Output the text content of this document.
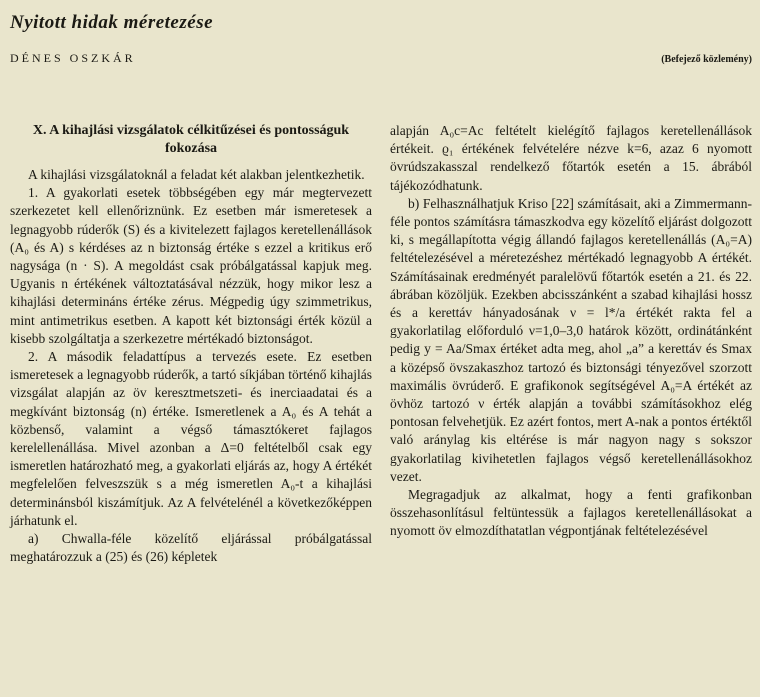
Nyitott hidak méretezése
DÉNES OSZKÁR	(Befejező közlemény)
X. A kihajlási vizsgálatok célkitűzései és pontosságuk fokozása

A kihajlási vizsgálatoknál a feladat két alakban jelentkezhetik.

1. A gyakorlati esetek többségében egy már megtervezett szerkezetet kell ellenőriznünk. Ez esetben már ismeretesek a legnagyobb rúderők (S) és a kivitelezett fajlagos keretellenállások (A₀ és A) s kérdéses az n biztonság értéke s ezzel a kritikus erő nagysága (n · S). A megoldást csak próbálgatással kapjuk meg. Ugyanis n értékének változtatásával nézzük, hogy mikor lesz a kihajlási determináns értéke zérus. Mégpedig úgy szimmetrikus, mint antimetrikus esetben. A kapott két biztonsági érték közül a kisebb szolgáltatja a szerkezetre mértékadó biztonságot.

2. A második feladattípus a tervezés esete. Ez esetben ismeretesek a legnagyobb rúderők, a tartó síkjában történő kihajlás vizsgálat alapján az öv keresztmetszeti- és inerciaadatai és a megkívánt biztonság (n) értéke. Ismeretlenek a A₀ és A tehát a közbenső, valamint a végső támasztókeret fajlagos kerelellenállása. Mivel azonban a Δ=0 feltételből csak egy ismeretlen határozható meg, a gyakorlati eljárás az, hogy A értékét megfelelően felveszszük s a még ismeretlen A₀-t a kihajlási determinánsból kiszámítjuk. Az A felvételénél a következőképpen járhatunk el.

a) Chwalla-féle közelítő eljárással próbálgatással meghatározzuk a (25) és (26) képletek

alapján A₀c=Ac feltételt kielégítő fajlagos keretellenállások értékeit. ϱ₁ értékének felvételére nézve k=6, azaz 6 nyomott övrúdszakasszal rendelkező főtartók esetén a 15. ábrából tájékozódhatunk.

b) Felhasználhatjuk Kriso [22] számításait, aki a Zimmermann-féle pontos számításra támaszkodva egy közelítő eljárást dolgozott ki, s megállapította végig állandó fajlagos keretellenállás (A₀=A) feltételezésével a méretezéshez mértékadó legnagyobb A értékét. Számításainak eredményét paralelövű főtartók esetén a 21. és 22. ábrában közöljük. Ezekben abcisszánként a szabad kihajlási hossz és a kerettáv hányadosának ν = l*/a értékét rakta fel a gyakorlatilag előforduló ν=1,0–3,0 határok között, ordinátánként pedig y = Aa/Smax értéket adta meg, ahol „a” a kerettáv és Smax a középső övszakaszhoz tartozó és biztonsági tényezővel szorzott maximális övrúderő. E grafikonok segítségével A₀=A értékét az övhöz tartozó ν érték alapján a további számításokhoz elég pontosan felvehetjük. Ez azért fontos, mert A-nak a pontos értéktől való aránylag kis eltérése is már nagyon nagy s sokszor gyakorlatilag kivihetetlen fajlagos végső keretellenállásokhoz vezet.

Megragadjuk az alkalmat, hogy a fenti grafikonban összehasonlításul feltüntessük a fajlagos keretellenállásokat a nyomott öv elmozdíthatatlan végpontjának feltételezésével
